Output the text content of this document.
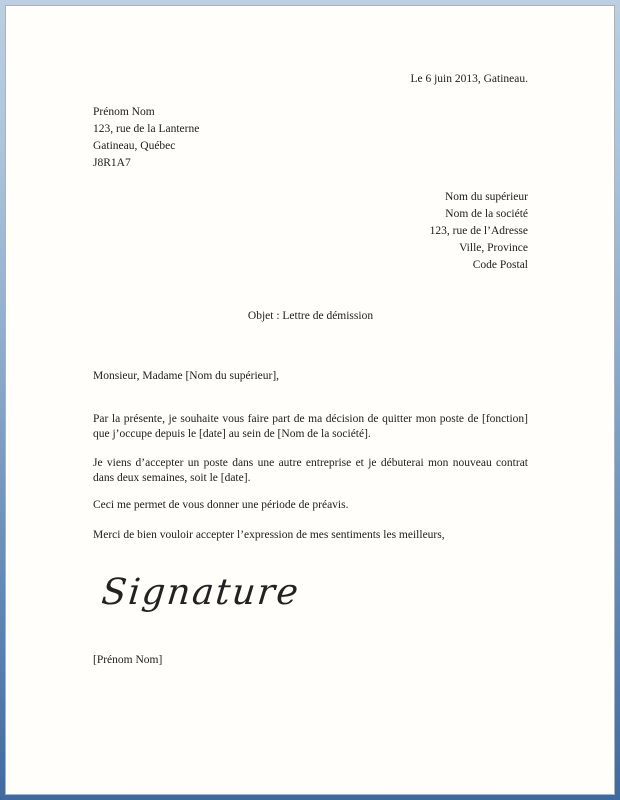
Le 6 juin 2013, Gatineau.
Prénom Nom
123, rue de la Lanterne
Gatineau, Québec
J8R1A7
Nom du supérieur
Nom de la société
123, rue de l’Adresse
Ville, Province
Code Postal
Objet : Lettre de démission
Monsieur, Madame [Nom du supérieur],
Par la présente, je souhaite vous faire part de ma décision de quitter mon poste de [fonction] que j’occupe depuis le [date] au sein de [Nom de la société].
Je viens d’accepter un poste dans une autre entreprise et je débuterai mon nouveau contrat dans deux semaines, soit le [date].
Ceci me permet de vous donner une période de préavis.
Merci de bien vouloir accepter l’expression de mes sentiments les meilleurs,
Signature
[Prénom Nom]
